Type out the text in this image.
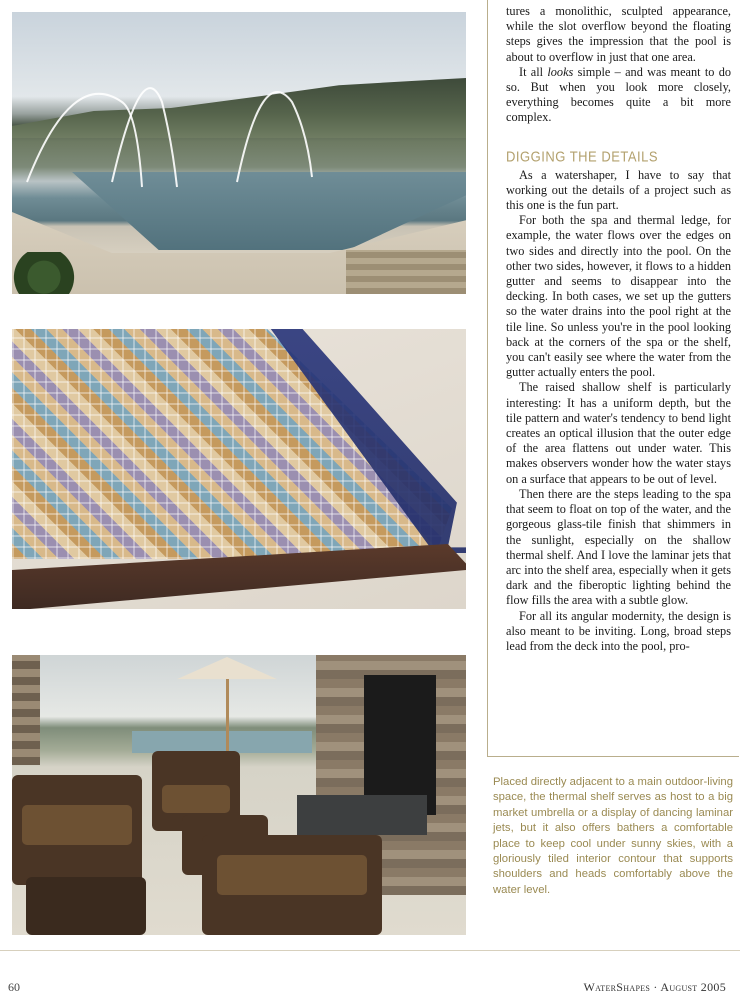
tures a monolithic, sculpted appearance, while the slot overflow beyond the floating steps gives the impression that the pool is about to overflow in just that one area.

It all looks simple – and was meant to do so. But when you look more closely, everything becomes quite a bit more complex.

DIGGING THE DETAILS

As a watershaper, I have to say that working out the details of a project such as this one is the fun part.

For both the spa and thermal ledge, for example, the water flows over the edges on two sides and directly into the pool. On the other two sides, however, it flows to a hidden gutter and seems to disappear into the decking. In both cases, we set up the gutters so the water drains into the pool right at the tile line. So unless you're in the pool looking back at the corners of the spa or the shelf, you can't easily see where the water from the gutter actually enters the pool.

The raised shallow shelf is particularly interesting: It has a uniform depth, but the tile pattern and water's tendency to bend light creates an optical illusion that the outer edge of the area flattens out under water. This makes observers wonder how the water stays on a surface that appears to be out of level.

Then there are the steps leading to the spa that seem to float on top of the water, and the gorgeous glass-tile finish that shimmers in the sunlight, especially on the shallow thermal shelf. And I love the laminar jets that arc into the shelf area, especially when it gets dark and the fiberoptic lighting behind the flow fills the area with a subtle glow.

For all its angular modernity, the design is also meant to be inviting. Long, broad steps lead from the deck into the pool, pro-

Placed directly adjacent to a main outdoor-living space, the thermal shelf serves as host to a big market umbrella or a display of dancing laminar jets, but it also offers bathers a comfortable place to keep cool under sunny skies, with a gloriously tiled interior contour that supports shoulders and heads comfortably above the water level.
60	WaterShapes · August 2005
